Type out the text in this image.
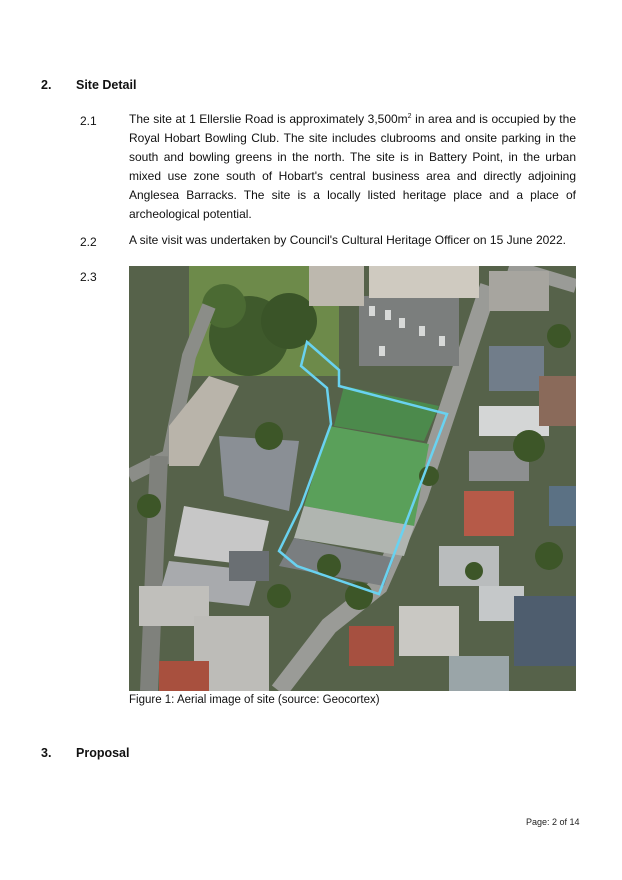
2. Site Detail
2.1	The site at 1 Ellerslie Road is approximately $3,500m^2$ in area and is occupied by the Royal Hobart Bowling Club. The site includes clubrooms and onsite parking in the south and bowling greens in the north. The site is in Battery Point, in the urban mixed use zone south of Hobart's central business area and directly adjoining Anglesea Barracks. The site is a locally listed heritage place and a place of archeological potential.
2.2	A site visit was undertaken by Council's Cultural Heritage Officer on 15 June 2022.
2.3
Figure 1: Aerial image of site (source: Geocortex)
3. Proposal
Page: 2 of 14
